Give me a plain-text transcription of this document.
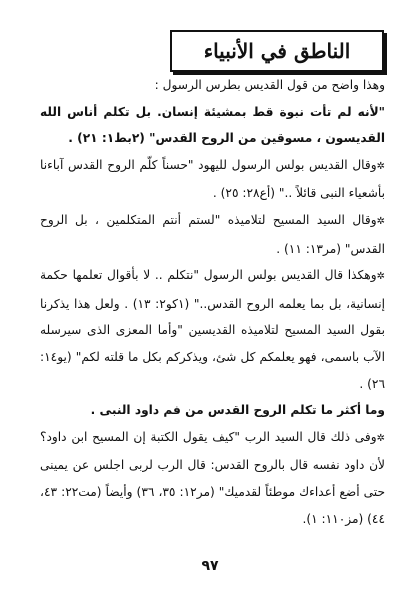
الناطق في الأنبياء

وهذا واضح من قول القديس بطرس الرسول :

"لأنه لم تأت نبوة قط بمشيئة إنسان. بل تكلم أناس الله القديسون ، مسوقين من الروح القدس" (٢بط١: ٢١) .

✲وقال القديس بولس الرسول لليهود "حسناً كلّم الروح القدس آباءنا بأشعياء النبى قائلاً .." (أع٢٨: ٢٥) .

✲وقال السيد المسيح لتلاميذه "لستم أنتم المتكلمين ، بل الروح القدس" (مر١٣: ١١) .

✲وهكذا قال القديس بولس الرسول "نتكلم .. لا بأقوال تعلمها حكمة إنسانية، بل بما يعلمه الروح القدس.." (١كو٢: ١٣) . ولعل هذا يذكرنا بقول السيد المسيح لتلاميذه القديسين "وأما المعزى الذى سيرسله الآب باسمى، فهو يعلمكم كل شئ، ويذكركم بكل ما قلته لكم" (يو١٤: ٢٦) .

وما أكثر ما تكلم الروح القدس من فم داود النبى .

✲وفى ذلك قال السيد الرب "كيف يقول الكتبة إن المسيح ابن داود؟ لأن داود نفسه قال بالروح القدس: قال الرب لربى اجلس عن يمينى حتى أضع أعداءك موطئاً لقدميك" (مر١٢: ٣٥، ٣٦) وأيضاً (مت٢٢: ٤٣، ٤٤) (مز١١٠: ١).

٩٧
